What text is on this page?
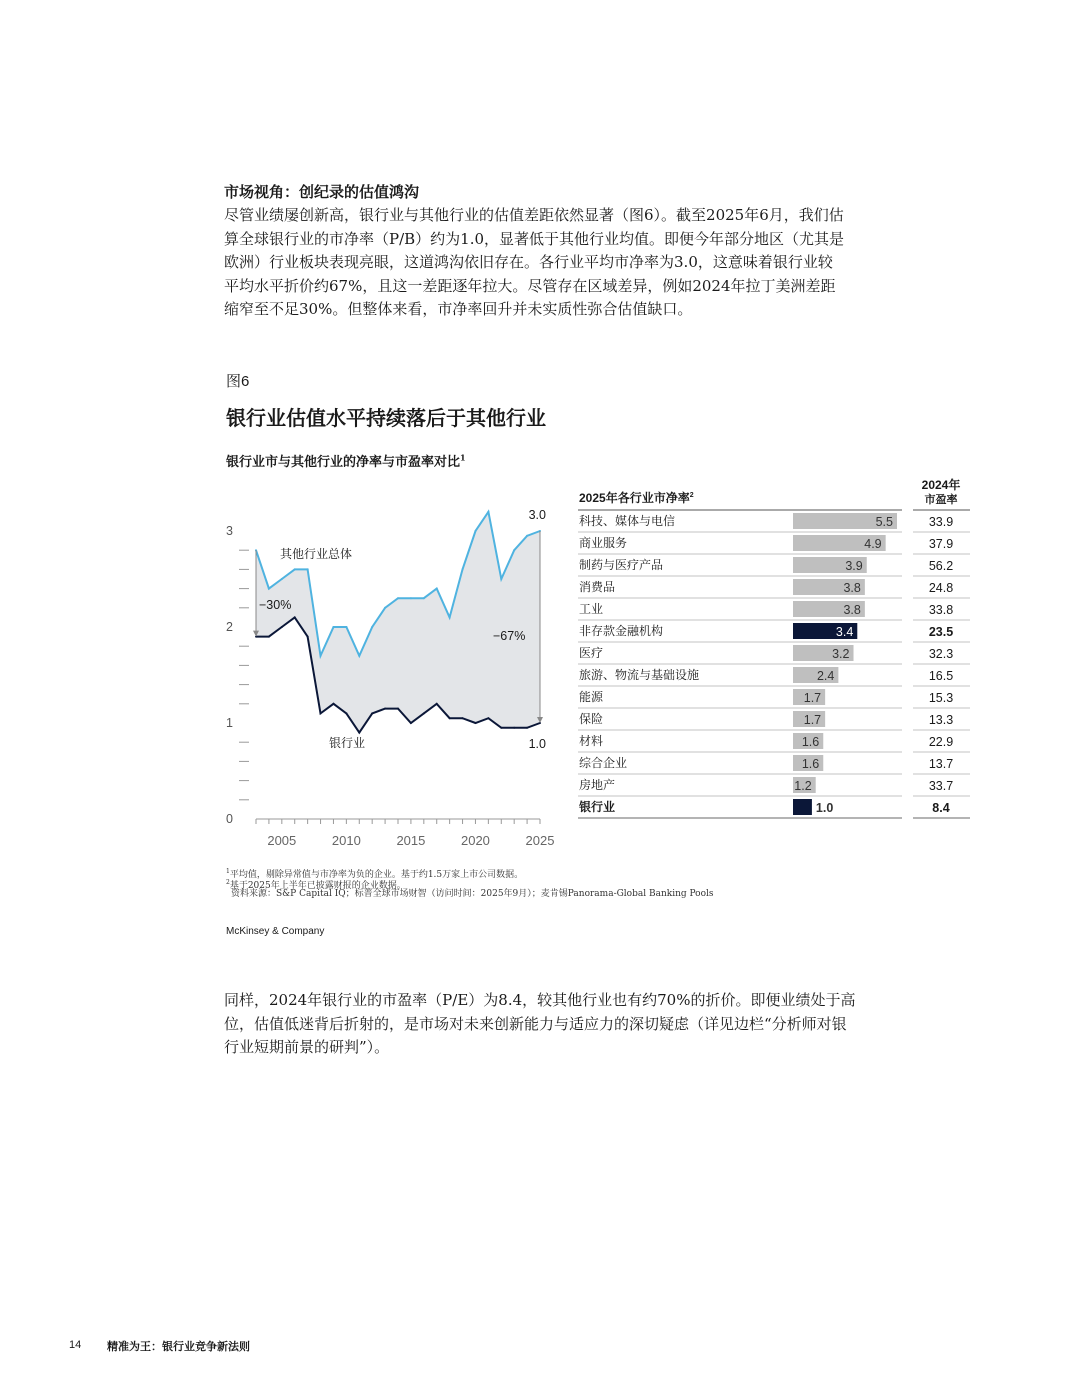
市场视角：创纪录的估值鸿沟
尽管业绩屡创新高，银行业与其他行业的估值差距依然显著（图6）。截至2025年6月，我们估
算全球银行业的市净率（P/B）约为1.0，显著低于其他行业均值。即便今年部分地区（尤其是
欧洲）行业板块表现亮眼，这道鸿沟依旧存在。各行业平均市净率为3.0，这意味着银行业较
平均水平折价约67%，且这一差距逐年拉大。尽管存在区域差异，例如2024年拉丁美洲差距
缩窄至不足30%。但整体来看，市净率回升并未实质性弥合估值缺口。
图6
银行业估值水平持续落后于其他行业
银行业市与其他行业的净率与市盈率对比$^1$
0
1
2
3
2005	2010	2015	2020	2025
其他行业总体
银行业
−30%
−67%
3.0
1.0
2025年各行业市净率$^2$
2024年
市盈率
科技、媒体与电信	5.5	33.9
商业服务	4.9	37.9
制药与医疗产品	3.9	56.2
消费品	3.8	24.8
工业	3.8	33.8
非存款金融机构	3.4	23.5
医疗	3.2	32.3
旅游、物流与基础设施	2.4	16.5
能源	1.7	15.3
保险	1.7	13.3
材料	1.6	22.9
综合企业	1.6	13.7
房地产	1.2	33.7
银行业	1.0	8.4
$^1$平均值，剔除异常值与市净率为负的企业。基于约1.5万家上市公司数据。
$^2$基于2025年上半年已披露财报的企业数据。
资料来源：S&P Capital IQ；标普全球市场财智（访问时间：2025年9月）；麦肯锡Panorama-Global Banking Pools
McKinsey & Company
同样，2024年银行业的市盈率（P/E）为8.4，较其他行业也有约70%的折价。即便业绩处于高
位，估值低迷背后折射的，是市场对未来创新能力与适应力的深切疑虑（详见边栏“分析师对银
行业短期前景的研判”）。
14 精准为王：银行业竞争新法则
